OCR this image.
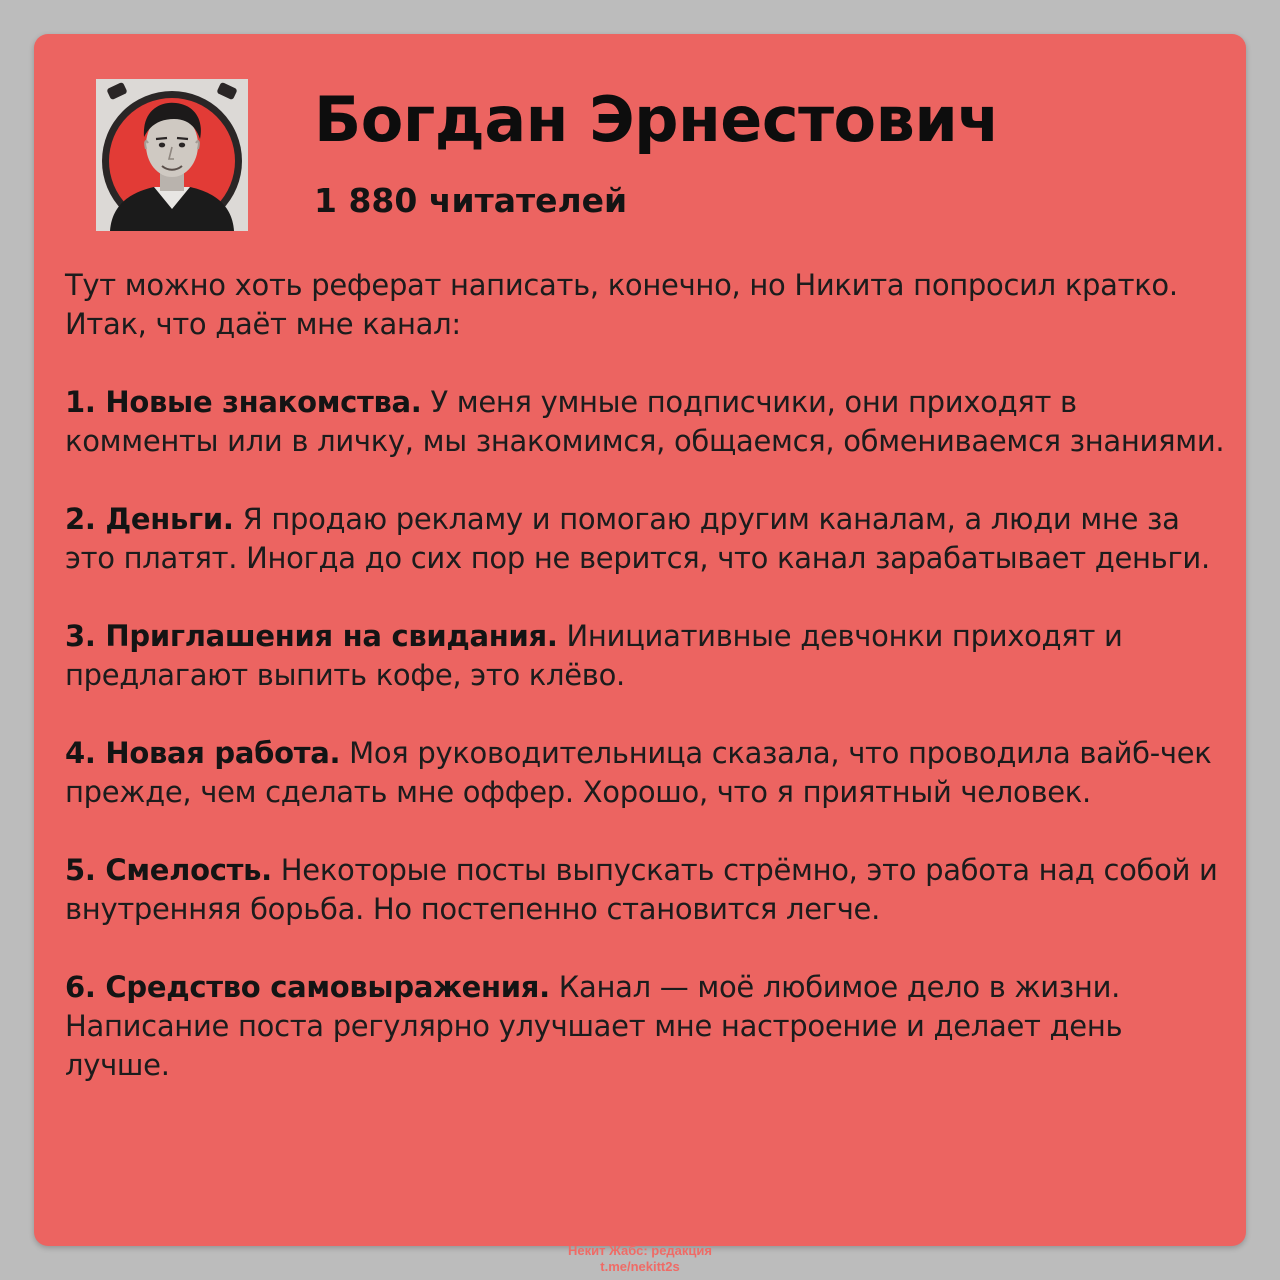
Богдан Эрнестович
1 880 читателей

Тут можно хоть реферат написать, конечно, но Никита попросил кратко.
Итак, что даёт мне канал:

1. Новые знакомства. У меня умные подписчики, они приходят в комменты или в личку, мы знакомимся, общаемся, обмениваемся знаниями.

2. Деньги. Я продаю рекламу и помогаю другим каналам, а люди мне за это платят. Иногда до сих пор не верится, что канал зарабатывает деньги.

3. Приглашения на свидания. Инициативные девчонки приходят и предлагают выпить кофе, это клёво.

4. Новая работа. Моя руководительница сказала, что проводила вайб-чек прежде, чем сделать мне оффер. Хорошо, что я приятный человек.

5. Смелость. Некоторые посты выпускать стрёмно, это работа над собой и внутренняя борьба. Но постепенно становится легче.

6. Средство самовыражения. Канал — моё любимое дело в жизни. Написание поста регулярно улучшает мне настроение и делает день лучше.

Некит Жабс: редакция
t.me/nekitt2s
